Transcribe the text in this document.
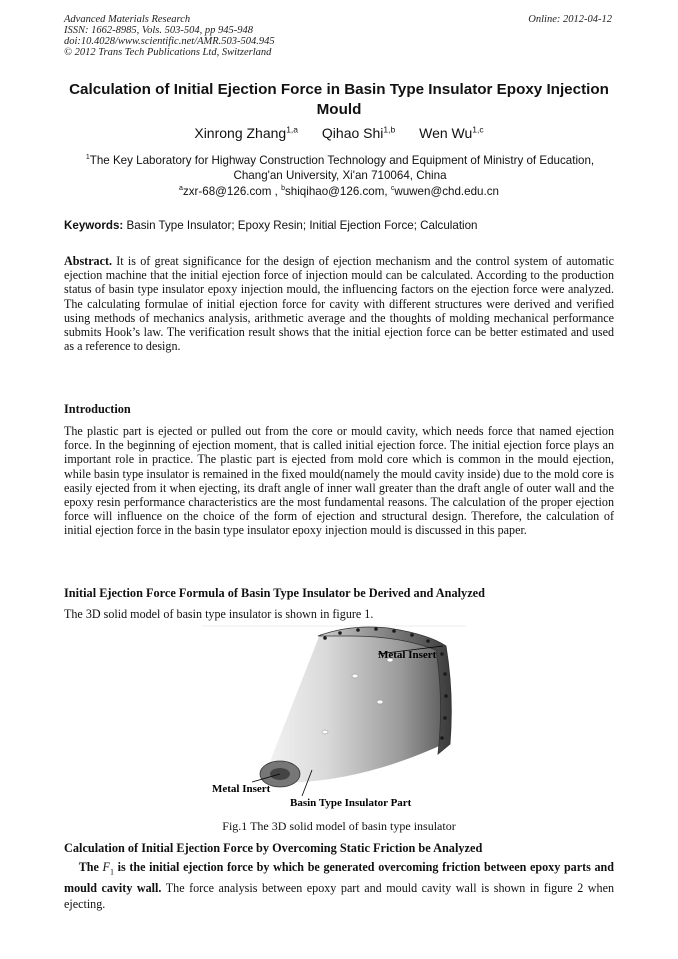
Advanced Materials Research
ISSN: 1662-8985, Vols. 503-504, pp 945-948
doi:10.4028/www.scientific.net/AMR.503-504.945
© 2012 Trans Tech Publications Ltd, Switzerland
Online: 2012-04-12
Calculation of Initial Ejection Force in Basin Type Insulator Epoxy Injection Mould
Xinrong Zhang$^{1,a}$ Qihao Shi$^{1,b}$ Wen Wu$^{1,c}$
$^1$The Key Laboratory for Highway Construction Technology and Equipment of Ministry of Education, Chang'an University, Xi'an 710064, China
$^a$zxr-68@126.com , $^b$shiqihao@126.com, $^c$wuwen@chd.edu.cn
Keywords: Basin Type Insulator; Epoxy Resin; Initial Ejection Force; Calculation
Abstract. It is of great significance for the design of ejection mechanism and the control system of automatic ejection machine that the initial ejection force of injection mould can be calculated. According to the production status of basin type insulator epoxy injection mould, the influencing factors on the ejection force were analyzed. The calculating formulae of initial ejection force for cavity with different structures were derived and verified using methods of mechanics analysis, arithmetic average and the thoughts of molding mechanical performance submits Hook’s law. The verification result shows that the initial ejection force can be better estimated and used as a reference to design.
Introduction
The plastic part is ejected or pulled out from the core or mould cavity, which needs force that named ejection force. In the beginning of ejection moment, that is called initial ejection force. The initial ejection force plays an important role in practice. The plastic part is ejected from mold core which is common in the mould ejection, while basin type insulator is remained in the fixed mould(namely the mould cavity inside) due to the mold core is easily ejected from it when ejecting, its draft angle of inner wall greater than the draft angle of outer wall and the epoxy resin performance characteristics are the most fundamental reasons. The calculation of the proper ejection force will influence on the choice of the form of ejection and structural design. Therefore, the calculation of initial ejection force in the basin type insulator epoxy injection mould is discussed in this paper.
Initial Ejection Force Formula of Basin Type Insulator be Derived and Analyzed
The 3D solid model of basin type insulator is shown in figure 1.
Metal Insert
Metal Insert
Basin Type Insulator Part
Fig.1 The 3D solid model of basin type insulator
Calculation of Initial Ejection Force by Overcoming Static Friction be Analyzed
The $F_1$ is the initial ejection force by which be generated overcoming friction between epoxy parts and mould cavity wall. The force analysis between epoxy part and mould cavity wall is shown in figure 2 when ejecting.
